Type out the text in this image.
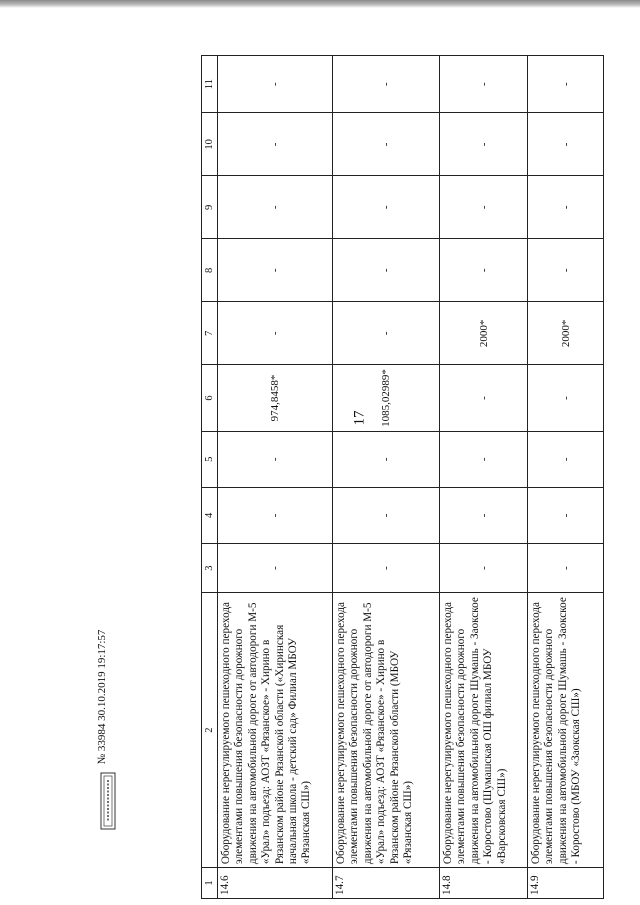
17
1	2	3	4	5	6	7	8	9	10	11
14.6	Оборудование нерегулируемого пешеходного перехода элементами повышения безопасности дорожного движения на автомобильной дороге от автодороги М-5 «Урал» подъезд: АОЗТ «Рязанское» - Хирино в Рязанском районе Рязанской области («Хиринская начальная школа - детский сад» Филиал МБОУ «Рязанская СШ»)	-	-	-	974,8458*	-	-	-	-	-
14.7	Оборудование нерегулируемого пешеходного перехода элементами повышения безопасности дорожного движения на автомобильной дороге от автодороги М-5 «Урал» подъезд: АОЗТ «Рязанское» - Хирино в Рязанском районе Рязанской области (МБОУ «Рязанская СШ»)	-	-	-	1085,02989*	-	-	-	-	-
14.8	Оборудование нерегулируемого пешеходного перехода элементами повышения безопасности дорожного движения на автомобильной дороге Шумашь - Заокское - Коростово (Шумашская ОШ филиал МБОУ «Варсковская СШ»)	-	-	-	-	2000*	-	-	-	-
14.9	Оборудование нерегулируемого пешеходного перехода элементами повышения безопасности дорожного движения на автомобильной дороге Шумашь - Заокское - Коростово (МБОУ «Заокская СШ»)	-	-	-	-	2000*	-	-	-	-
№ 33984 30.10.2019 19:17:57
